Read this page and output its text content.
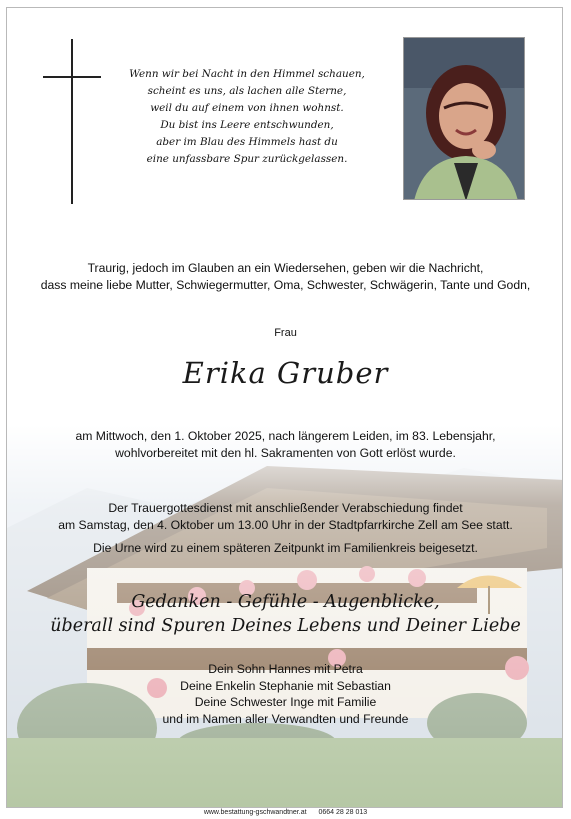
Wenn wir bei Nacht in den Himmel schauen,
scheint es uns, als lachen alle Sterne,
weil du auf einem von ihnen wohnst.
Du bist ins Leere entschwunden,
aber im Blau des Himmels hast du
eine unfassbare Spur zurückgelassen.
Traurig, jedoch im Glauben an ein Wiedersehen, geben wir die Nachricht,
dass meine liebe Mutter, Schwiegermutter, Oma, Schwester, Schwägerin, Tante und Godn,
Frau
Erika Gruber
am Mittwoch, den 1. Oktober 2025, nach längerem Leiden, im 83. Lebensjahr,
wohlvorbereitet mit den hl. Sakramenten von Gott erlöst wurde.
Der Trauergottesdienst mit anschließender Verabschiedung findet
am Samstag, den 4. Oktober um 13.00 Uhr in der Stadtpfarrkirche Zell am See statt.
Die Urne wird zu einem späteren Zeitpunkt im Familienkreis beigesetzt.
Gedanken - Gefühle - Augenblicke,
überall sind Spuren Deines Lebens und Deiner Liebe
Dein Sohn Hannes mit Petra
Deine Enkelin Stephanie mit Sebastian
Deine Schwester Inge mit Familie
und im Namen aller Verwandten und Freunde
www.bestattung-gschwandtner.at 0664 28 28 013
